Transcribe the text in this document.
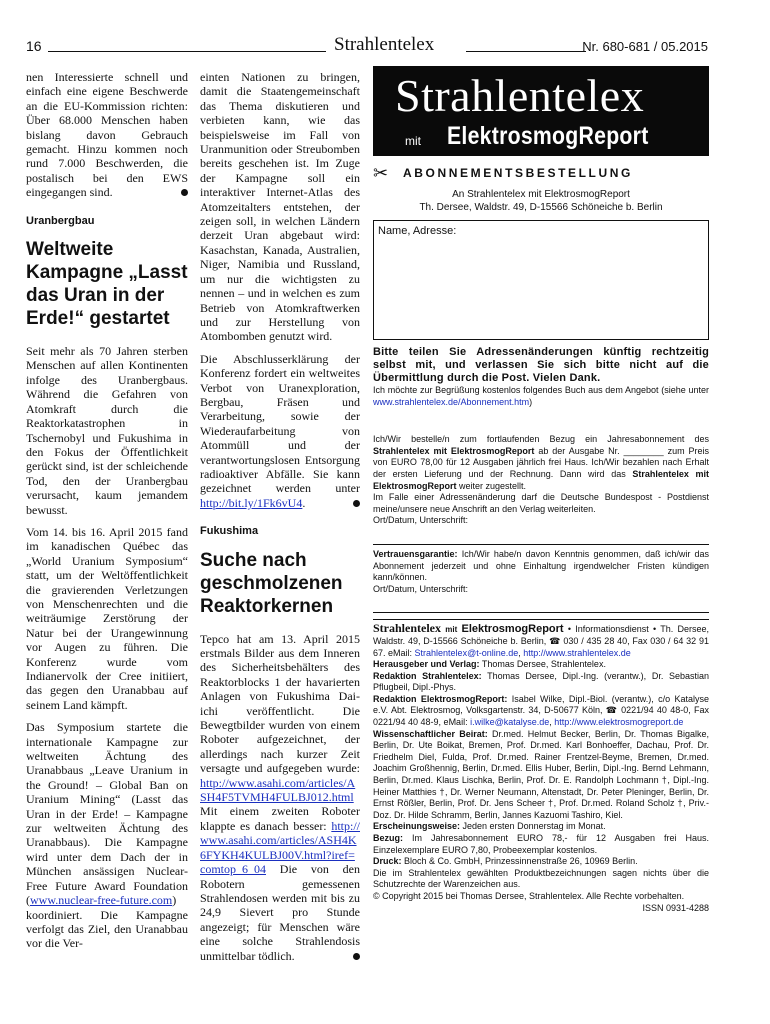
16	Strahlentelex	Nr. 680-681 / 05.2015

nen Interessierte schnell und einfach eine eigene Beschwerde an die EU-Kommission richten: Über 68.000 Menschen haben bislang davon Gebrauch gemacht. Hinzu kommen noch rund 7.000 Beschwerden, die postalisch bei den EWS eingegangen sind.

Uranbergbau
Weltweite Kampagne „Lasst das Uran in der Erde!“ gestartet

Seit mehr als 70 Jahren sterben Menschen auf allen Kontinenten infolge des Uranbergbaus. Während die Gefahren von Atomkraft durch die Reaktorkatastrophen in Tschernobyl und Fukushima in den Fokus der Öffentlichkeit gerückt sind, ist der schleichende Tod, den der Uranbergbau verursacht, kaum jemandem bewusst.

Vom 14. bis 16. April 2015 fand im kanadischen Québec das „World Uranium Symposium“ statt, um der Weltöffentlichkeit die gravierenden Verletzungen von Menschenrechten und die weiträumige Zerstörung der Natur bei der Urangewinnung vor Augen zu führen. Die Konferenz wurde vom Indianervolk der Cree initiiert, das gegen den Uranabbau auf seinem Land kämpft.

Das Symposium startete die internationale Kampagne zur weltweiten Ächtung des Uranabbaus „Leave Uranium in the Ground! – Global Ban on Uranium Mining“ (Lasst das Uran in der Erde! – Kampagne zur weltweiten Ächtung des Uranabbaus). Die Kampagne wird unter dem Dach der in München ansässigen Nuclear-Free Future Award Foundation (www.nuclear-free-future.com) koordiniert. Die Kampagne verfolgt das Ziel, den Uranabbau vor die Ver-

einten Nationen zu bringen, damit die Staatengemeinschaft das Thema diskutieren und verbieten kann, wie das beispielsweise im Fall von Uranmunition oder Streubomben bereits geschehen ist. Im Zuge der Kampagne soll ein interaktiver Internet-Atlas des Atomzeitalters entstehen, der zeigen soll, in welchen Ländern derzeit Uran abgebaut wird: Kasachstan, Kanada, Australien, Niger, Namibia und Russland, um nur die wichtigsten zu nennen – und in welchen es zum Betrieb von Atomkraftwerken und zur Herstellung von Atombomben genutzt wird.

Die Abschlusserklärung der Konferenz fordert ein weltweites Verbot von Uranexploration, Bergbau, Fräsen und Verarbeitung, sowie der Wiederaufarbeitung von Atommüll und der verantwortungslosen Entsorgung radioaktiver Abfälle. Sie kann gezeichnet werden unter http://bit.ly/1Fk6vU4.

Fukushima
Suche nach geschmolzenen Reaktorkernen

Tepco hat am 13. April 2015 erstmals Bilder aus dem Inneren des Sicherheitsbehälters des Reaktorblocks 1 der havarierten Anlagen von Fukushima Dai-ichi veröffentlicht. Die Bewegtbilder wurden von einem Roboter aufgezeichnet, der allerdings nach kurzer Zeit versagte und aufgegeben wurde: http://www.asahi.com/articles/ASH4F5TVMH4FULBJ012.html Mit einem zweiten Roboter klappte es danach besser: http://www.asahi.com/articles/ASH4K6FYKH4KULBJ00V.html?iref=comtop_6_04 Die von den Robotern gemessenen Strahlendosen werden mit bis zu 24,9 Sievert pro Stunde angezeigt; für Menschen wäre eine solche Strahlendosis unmittelbar tödlich.

Strahlentelex
mit ElektrosmogReport
✂	ABONNEMENTSBESTELLUNG
An Strahlentelex mit ElektrosmogReport
Th. Dersee, Waldstr. 49, D-15566 Schöneiche b. Berlin
Name, Adresse:
Bitte teilen Sie Adressenänderungen künftig rechtzeitig selbst mit, und verlassen Sie sich bitte nicht auf die Übermittlung durch die Post. Vielen Dank.
Ich möchte zur Begrüßung kostenlos folgendes Buch aus dem Angebot (siehe unter www.strahlentelex.de/Abonnement.htm)
Ich/Wir bestelle/n zum fortlaufenden Bezug ein Jahresabonnement des Strahlentelex mit ElektrosmogReport ab der Ausgabe Nr. ________ zum Preis von EURO 78,00 für 12 Ausgaben jährlich frei Haus. Ich/Wir bezahlen nach Erhalt der ersten Lieferung und der Rechnung. Dann wird das Strahlentelex mit ElektrosmogReport weiter zugestellt.
Im Falle einer Adressenänderung darf die Deutsche Bundespost - Postdienst meine/unsere neue Anschrift an den Verlag weiterleiten.
Ort/Datum, Unterschrift:
Vertrauensgarantie: Ich/Wir habe/n davon Kenntnis genommen, daß ich/wir das Abonnement jederzeit und ohne Einhaltung irgendwelcher Fristen kündigen kann/können.
Ort/Datum, Unterschrift:
Strahlentelex mit ElektrosmogReport • Informationsdienst • Th. Dersee, Waldstr. 49, D-15566 Schöneiche b. Berlin, ☎ 030 / 435 28 40, Fax 030 / 64 32 91 67. eMail: Strahlentelex@t-online.de, http://www.strahlentelex.de
Herausgeber und Verlag: Thomas Dersee, Strahlentelex.
Redaktion Strahlentelex: Thomas Dersee, Dipl.-Ing. (verantw.), Dr. Sebastian Pflugbeil, Dipl.-Phys.
Redaktion ElektrosmogReport: Isabel Wilke, Dipl.-Biol. (verantw.), c/o Katalyse e.V. Abt. Elektrosmog, Volksgartenstr. 34, D-50677 Köln, ☎ 0221/94 40 48-0, Fax 0221/94 40 48-9, eMail: i.wilke@katalyse.de, http://www.elektrosmogreport.de
Wissenschaftlicher Beirat: Dr.med. Helmut Becker, Berlin, Dr. Thomas Bigalke, Berlin, Dr. Ute Boikat, Bremen, Prof. Dr.med. Karl Bonhoeffer, Dachau, Prof. Dr. Friedhelm Diel, Fulda, Prof. Dr.med. Rainer Frentzel-Beyme, Bremen, Dr.med. Joachim Großhennig, Berlin, Dr.med. Ellis Huber, Berlin, Dipl.-Ing. Bernd Lehmann, Berlin, Dr.med. Klaus Lischka, Berlin, Prof. Dr. E. Randolph Lochmann †, Dipl.-Ing. Heiner Matthies †, Dr. Werner Neumann, Altenstadt, Dr. Peter Pleninger, Berlin, Dr. Ernst Rößler, Berlin, Prof. Dr. Jens Scheer †, Prof. Dr.med. Roland Scholz †, Priv.-Doz. Dr. Hilde Schramm, Berlin, Jannes Kazuomi Tashiro, Kiel.
Erscheinungsweise: Jeden ersten Donnerstag im Monat.
Bezug: Im Jahresabonnement EURO 78,- für 12 Ausgaben frei Haus. Einzelexemplare EURO 7,80, Probeexemplar kostenlos.
Druck: Bloch & Co. GmbH, Prinzessinnenstraße 26, 10969 Berlin.
Die im Strahlentelex gewählten Produktbezeichnungen sagen nichts über die Schutzrechte der Warenzeichen aus.
© Copyright 2015 bei Thomas Dersee, Strahlentelex. Alle Rechte vorbehalten.
ISSN 0931-4288
